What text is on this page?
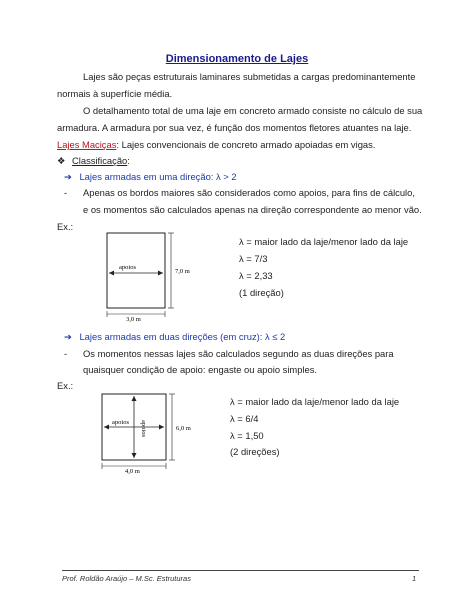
Dimensionamento de Lajes
Lajes são peças estruturais laminares submetidas a cargas predominantemente
normais à superfície média.
O detalhamento total de uma laje em concreto armado consiste no cálculo de sua
armadura. A armadura por sua vez, é função dos momentos fletores atuantes na laje.
Lajes Maciças: Lajes convencionais de concreto armado apoiadas em vigas.
❖ Classificação:
➔ Lajes armadas em uma direção: λ > 2
- Apenas os bordos maiores são considerados como apoios, para fins de cálculo,
e os momentos são calculados apenas na direção correspondente ao menor vão.
Ex.:
apoios
7,0 m
3,0 m
λ = maior lado da laje/menor lado da laje
λ = 7/3
λ = 2,33
(1 direção)
➔ Lajes armadas em duas direções (em cruz): λ ≤ 2
- Os momentos nessas lajes são calculados segundo as duas direções para
quaisquer condição de apoio: engaste ou apoio simples.
Ex.:
apoios apoios	6,0 m
4,0 m
λ = maior lado da laje/menor lado da laje
λ = 6/4
λ = 1,50
(2 direções)
Prof. Roldão Araújo – M.Sc. Estruturas	1
